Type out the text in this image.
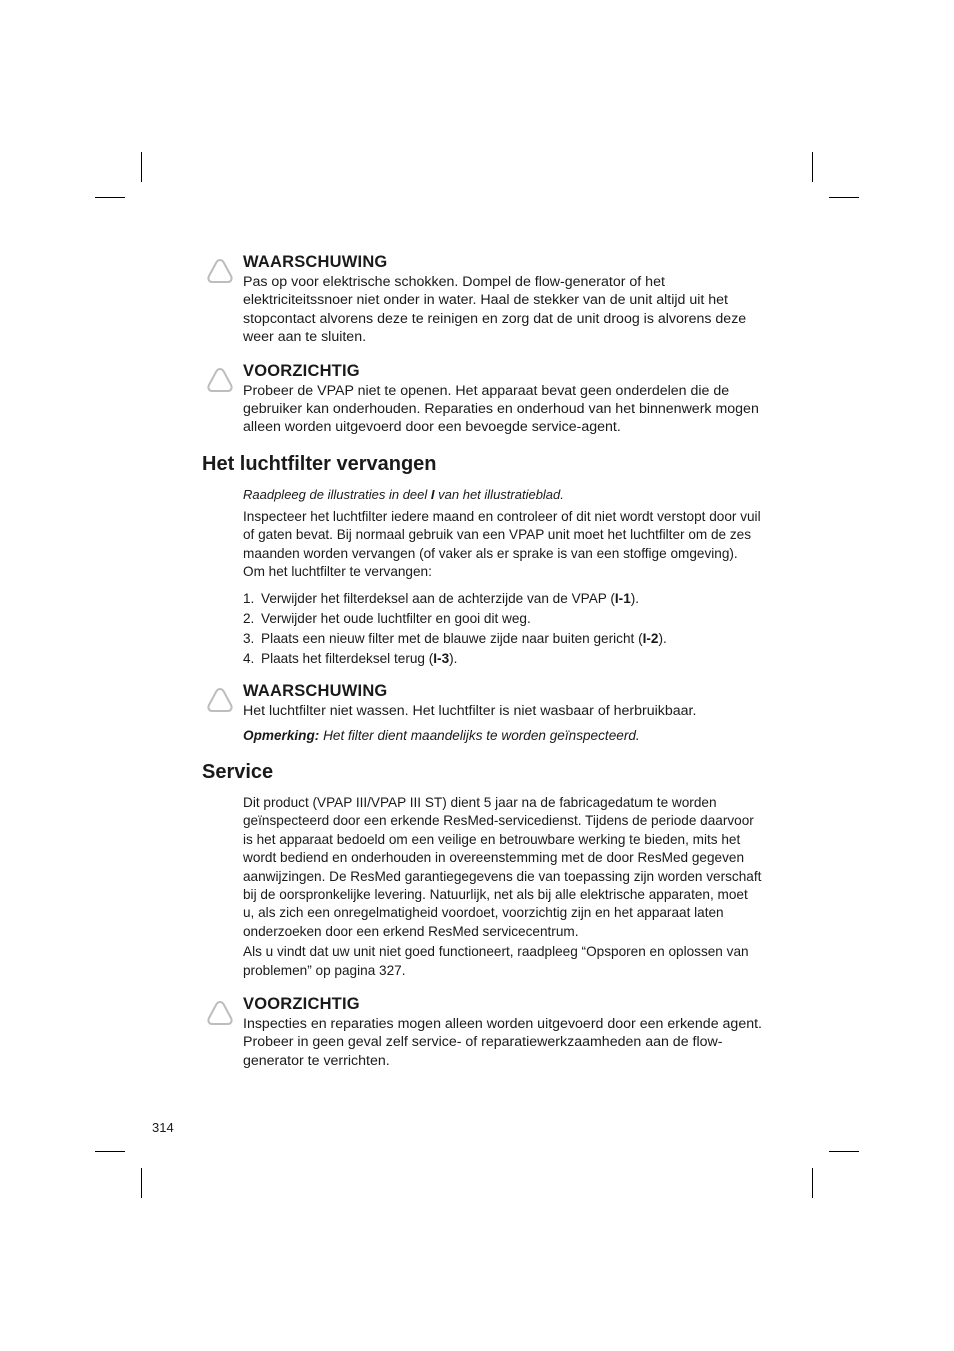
WAARSCHUWING
Pas op voor elektrische schokken. Dompel de flow-generator of het elektriciteitssnoer niet onder in water. Haal de stekker van de unit altijd uit het stopcontact alvorens deze te reinigen en zorg dat de unit droog is alvorens deze weer aan te sluiten.
VOORZICHTIG
Probeer de VPAP niet te openen. Het apparaat bevat geen onderdelen die de gebruiker kan onderhouden. Reparaties en onderhoud van het binnenwerk mogen alleen worden uitgevoerd door een bevoegde service-agent.
Het luchtfilter vervangen
Raadpleeg de illustraties in deel I van het illustratieblad.
Inspecteer het luchtfilter iedere maand en controleer of dit niet wordt verstopt door vuil of gaten bevat. Bij normaal gebruik van een VPAP unit moet het luchtfilter om de zes maanden worden vervangen (of vaker als er sprake is van een stoffige omgeving). Om het luchtfilter te vervangen:
1. Verwijder het filterdeksel aan de achterzijde van de VPAP (I-1).
2. Verwijder het oude luchtfilter en gooi dit weg.
3. Plaats een nieuw filter met de blauwe zijde naar buiten gericht (I-2).
4. Plaats het filterdeksel terug (I-3).
WAARSCHUWING
Het luchtfilter niet wassen. Het luchtfilter is niet wasbaar of herbruikbaar.
Opmerking: Het filter dient maandelijks te worden geïnspecteerd.
Service
Dit product (VPAP III/VPAP III ST) dient 5 jaar na de fabricagedatum te worden geïnspecteerd door een erkende ResMed-servicedienst. Tijdens de periode daarvoor is het apparaat bedoeld om een veilige en betrouwbare werking te bieden, mits het wordt bediend en onderhouden in overeenstemming met de door ResMed gegeven aanwijzingen. De ResMed garantiegegevens die van toepassing zijn worden verschaft bij de oorspronkelijke levering. Natuurlijk, net als bij alle elektrische apparaten, moet u, als zich een onregelmatigheid voordoet, voorzichtig zijn en het apparaat laten onderzoeken door een erkend ResMed servicecentrum.
Als u vindt dat uw unit niet goed functioneert, raadpleeg “Opsporen en oplossen van problemen” op pagina 327.
VOORZICHTIG
Inspecties en reparaties mogen alleen worden uitgevoerd door een erkende agent. Probeer in geen geval zelf service- of reparatiewerkzaamheden aan de flow-generator te verrichten.
314
